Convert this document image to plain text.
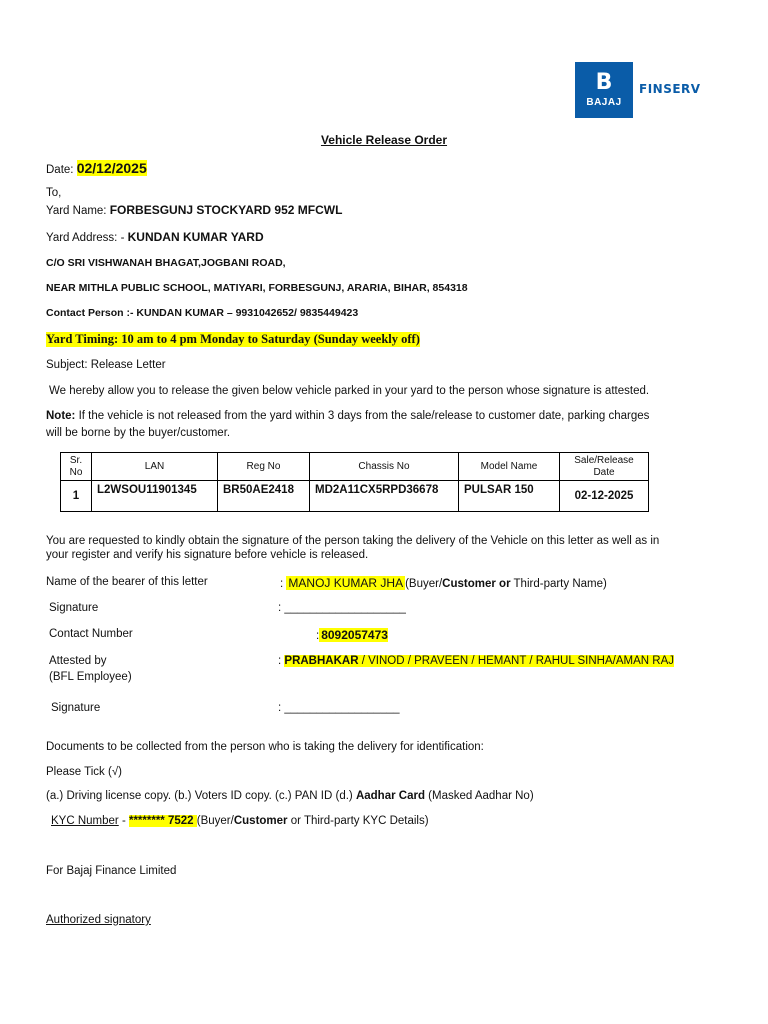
B
BAJAJ
FINSERV
Vehicle Release Order
Date: 02/12/2025
To,
Yard Name: FORBESGUNJ STOCKYARD 952 MFCWL
Yard Address: - KUNDAN KUMAR YARD
C/O SRI VISHWANAH BHAGAT,JOGBANI ROAD,
NEAR MITHLA PUBLIC SCHOOL, MATIYARI, FORBESGUNJ, ARARIA, BIHAR, 854318
Contact Person :- KUNDAN KUMAR – 9931042652/ 9835449423
Yard Timing: 10 am to 4 pm Monday to Saturday (Sunday weekly off)
Subject: Release Letter
We hereby allow you to release the given below vehicle parked in your yard to the person whose signature is attested.
Note: If the vehicle is not released from the yard within 3 days from the sale/release to customer date, parking charges
will be borne by the buyer/customer.
Sr.
No	LAN	Reg No	Chassis No	Model Name	Sale/Release
Date
1	L2WSOU11901345	BR50AE2418	MD2A11CX5RPD36678	PULSAR 150	02-12-2025
You are requested to kindly obtain the signature of the person taking the delivery of the Vehicle on this letter as well as in
your register and verify his signature before vehicle is released.
Name of the bearer of this letter	: MANOJ KUMAR JHA (Buyer/Customer or Third-party Name)
Signature	: ___________________
Contact Number	: 8092057473
Attested by
(BFL Employee)
: PRABHAKAR / VINOD / PRAVEEN / HEMANT / RAHUL SINHA/AMAN RAJ
Signature	: __________________
Documents to be collected from the person who is taking the delivery for identification:
Please Tick (√)
(a.) Driving license copy. (b.) Voters ID copy. (c.) PAN ID (d.) Aadhar Card (Masked Aadhar No)
KYC Number - ******** 7522 (Buyer/Customer or Third-party KYC Details)
For Bajaj Finance Limited
Authorized signatory
